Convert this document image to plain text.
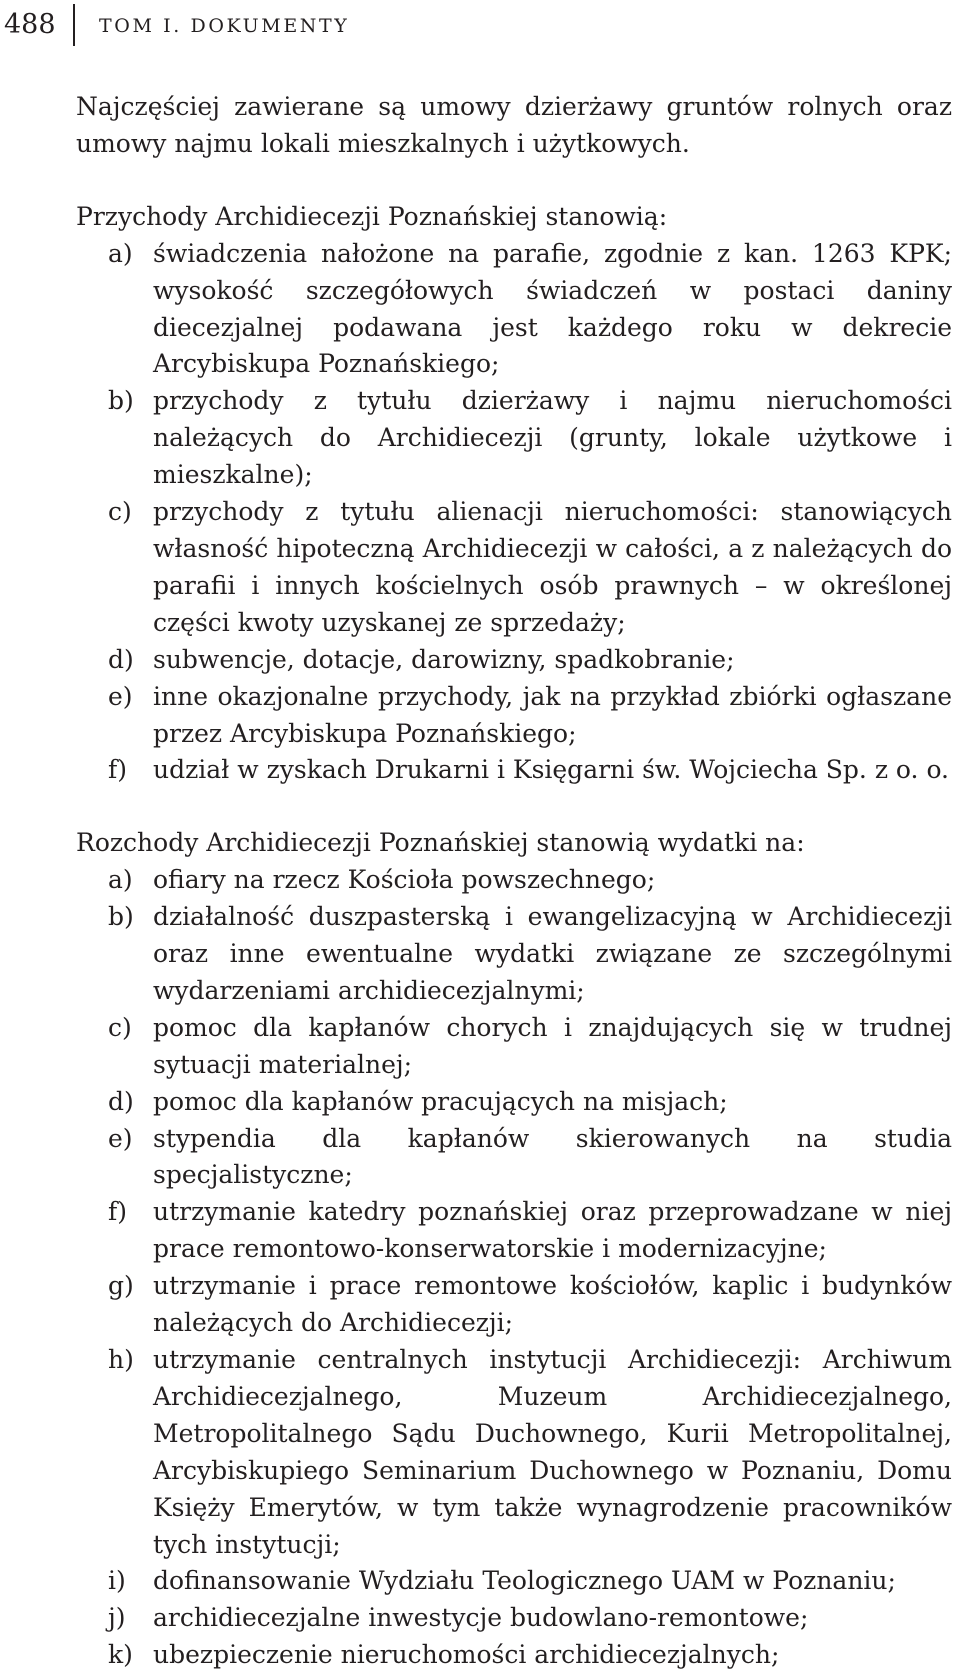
488 TOM I. DOKUMENTY

Najczęściej zawierane są umowy dzierżawy gruntów rolnych oraz umowy najmu lokali mieszkalnych i użytkowych.

Przychody Archidiecezji Poznańskiej stanowią:

a) świadczenia nałożone na parafie, zgodnie z kan. 1263 KPK; wysokość szczegółowych świadczeń w postaci daniny diecezjalnej podawana jest każdego roku w dekrecie Arcybiskupa Poznańskiego;
b) przychody z tytułu dzierżawy i najmu nieruchomości należących do Archidiecezji (grunty, lokale użytkowe i mieszkalne);
c) przychody z tytułu alienacji nieruchomości: stanowiących własność hipoteczną Archidiecezji w całości, a z należących do parafii i innych kościelnych osób prawnych – w określonej części kwoty uzyskanej ze sprzedaży;
d) subwencje, dotacje, darowizny, spadkobranie;
e) inne okazjonalne przychody, jak na przykład zbiórki ogłaszane przez Arcybiskupa Poznańskiego;
f) udział w zyskach Drukarni i Księgarni św. Wojciecha Sp. z o. o.

Rozchody Archidiecezji Poznańskiej stanowią wydatki na:

a) ofiary na rzecz Kościoła powszechnego;
b) działalność duszpasterską i ewangelizacyjną w Archidiecezji oraz inne ewentualne wydatki związane ze szczególnymi wydarzeniami archidiecezjalnymi;
c) pomoc dla kapłanów chorych i znajdujących się w trudnej sytuacji materialnej;
d) pomoc dla kapłanów pracujących na misjach;
e) stypendia dla kapłanów skierowanych na studia specjalistyczne;
f) utrzymanie katedry poznańskiej oraz przeprowadzane w niej prace remontowo-konserwatorskie i modernizacyjne;
g) utrzymanie i prace remontowe kościołów, kaplic i budynków należących do Archidiecezji;
h) utrzymanie centralnych instytucji Archidiecezji: Archiwum Archidiecezjalnego, Muzeum Archidiecezjalnego, Metropolitalnego Sądu Duchownego, Kurii Metropolitalnej, Arcybiskupiego Seminarium Duchownego w Poznaniu, Domu Księży Emerytów, w tym także wynagrodzenie pracowników tych instytucji;
i) dofinansowanie Wydziału Teologicznego UAM w Poznaniu;
j) archidiecezjalne inwestycje budowlano-remontowe;
k) ubezpieczenie nieruchomości archidiecezjalnych;
